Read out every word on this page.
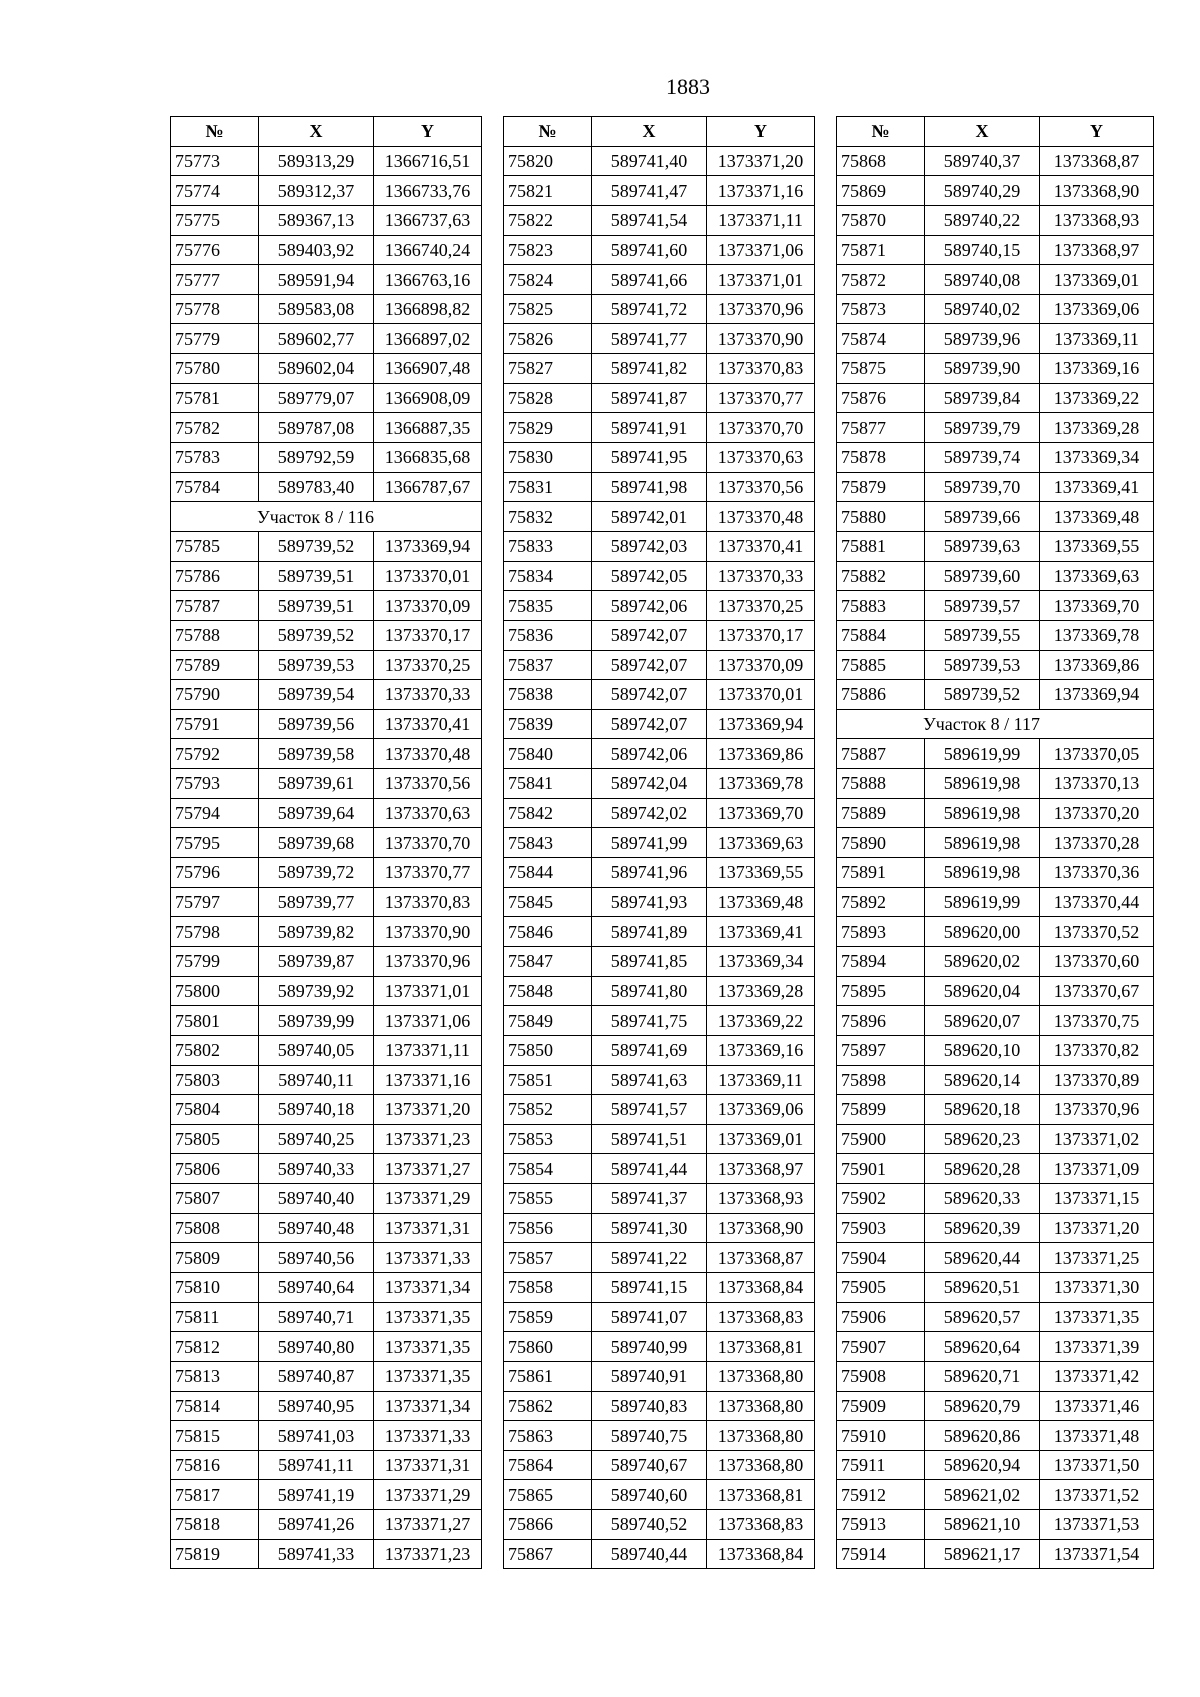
1883
№	X	Y
75773	589313,29	1366716,51
75774	589312,37	1366733,76
75775	589367,13	1366737,63
75776	589403,92	1366740,24
75777	589591,94	1366763,16
75778	589583,08	1366898,82
75779	589602,77	1366897,02
75780	589602,04	1366907,48
75781	589779,07	1366908,09
75782	589787,08	1366887,35
75783	589792,59	1366835,68
75784	589783,40	1366787,67
Участок 8 / 116		
75785	589739,52	1373369,94
75786	589739,51	1373370,01
75787	589739,51	1373370,09
75788	589739,52	1373370,17
75789	589739,53	1373370,25
75790	589739,54	1373370,33
75791	589739,56	1373370,41
75792	589739,58	1373370,48
75793	589739,61	1373370,56
75794	589739,64	1373370,63
75795	589739,68	1373370,70
75796	589739,72	1373370,77
75797	589739,77	1373370,83
75798	589739,82	1373370,90
75799	589739,87	1373370,96
75800	589739,92	1373371,01
75801	589739,99	1373371,06
75802	589740,05	1373371,11
75803	589740,11	1373371,16
75804	589740,18	1373371,20
75805	589740,25	1373371,23
75806	589740,33	1373371,27
75807	589740,40	1373371,29
75808	589740,48	1373371,31
75809	589740,56	1373371,33
75810	589740,64	1373371,34
75811	589740,71	1373371,35
75812	589740,80	1373371,35
75813	589740,87	1373371,35
75814	589740,95	1373371,34
75815	589741,03	1373371,33
75816	589741,11	1373371,31
75817	589741,19	1373371,29
75818	589741,26	1373371,27
75819	589741,33	1373371,23
№	X	Y
75820	589741,40	1373371,20
75821	589741,47	1373371,16
75822	589741,54	1373371,11
75823	589741,60	1373371,06
75824	589741,66	1373371,01
75825	589741,72	1373370,96
75826	589741,77	1373370,90
75827	589741,82	1373370,83
75828	589741,87	1373370,77
75829	589741,91	1373370,70
75830	589741,95	1373370,63
75831	589741,98	1373370,56
75832	589742,01	1373370,48
75833	589742,03	1373370,41
75834	589742,05	1373370,33
75835	589742,06	1373370,25
75836	589742,07	1373370,17
75837	589742,07	1373370,09
75838	589742,07	1373370,01
75839	589742,07	1373369,94
75840	589742,06	1373369,86
75841	589742,04	1373369,78
75842	589742,02	1373369,70
75843	589741,99	1373369,63
75844	589741,96	1373369,55
75845	589741,93	1373369,48
75846	589741,89	1373369,41
75847	589741,85	1373369,34
75848	589741,80	1373369,28
75849	589741,75	1373369,22
75850	589741,69	1373369,16
75851	589741,63	1373369,11
75852	589741,57	1373369,06
75853	589741,51	1373369,01
75854	589741,44	1373368,97
75855	589741,37	1373368,93
75856	589741,30	1373368,90
75857	589741,22	1373368,87
75858	589741,15	1373368,84
75859	589741,07	1373368,83
75860	589740,99	1373368,81
75861	589740,91	1373368,80
75862	589740,83	1373368,80
75863	589740,75	1373368,80
75864	589740,67	1373368,80
75865	589740,60	1373368,81
75866	589740,52	1373368,83
75867	589740,44	1373368,84
№	X	Y
75868	589740,37	1373368,87
75869	589740,29	1373368,90
75870	589740,22	1373368,93
75871	589740,15	1373368,97
75872	589740,08	1373369,01
75873	589740,02	1373369,06
75874	589739,96	1373369,11
75875	589739,90	1373369,16
75876	589739,84	1373369,22
75877	589739,79	1373369,28
75878	589739,74	1373369,34
75879	589739,70	1373369,41
75880	589739,66	1373369,48
75881	589739,63	1373369,55
75882	589739,60	1373369,63
75883	589739,57	1373369,70
75884	589739,55	1373369,78
75885	589739,53	1373369,86
75886	589739,52	1373369,94
Участок 8 / 117		
75887	589619,99	1373370,05
75888	589619,98	1373370,13
75889	589619,98	1373370,20
75890	589619,98	1373370,28
75891	589619,98	1373370,36
75892	589619,99	1373370,44
75893	589620,00	1373370,52
75894	589620,02	1373370,60
75895	589620,04	1373370,67
75896	589620,07	1373370,75
75897	589620,10	1373370,82
75898	589620,14	1373370,89
75899	589620,18	1373370,96
75900	589620,23	1373371,02
75901	589620,28	1373371,09
75902	589620,33	1373371,15
75903	589620,39	1373371,20
75904	589620,44	1373371,25
75905	589620,51	1373371,30
75906	589620,57	1373371,35
75907	589620,64	1373371,39
75908	589620,71	1373371,42
75909	589620,79	1373371,46
75910	589620,86	1373371,48
75911	589620,94	1373371,50
75912	589621,02	1373371,52
75913	589621,10	1373371,53
75914	589621,17	1373371,54
